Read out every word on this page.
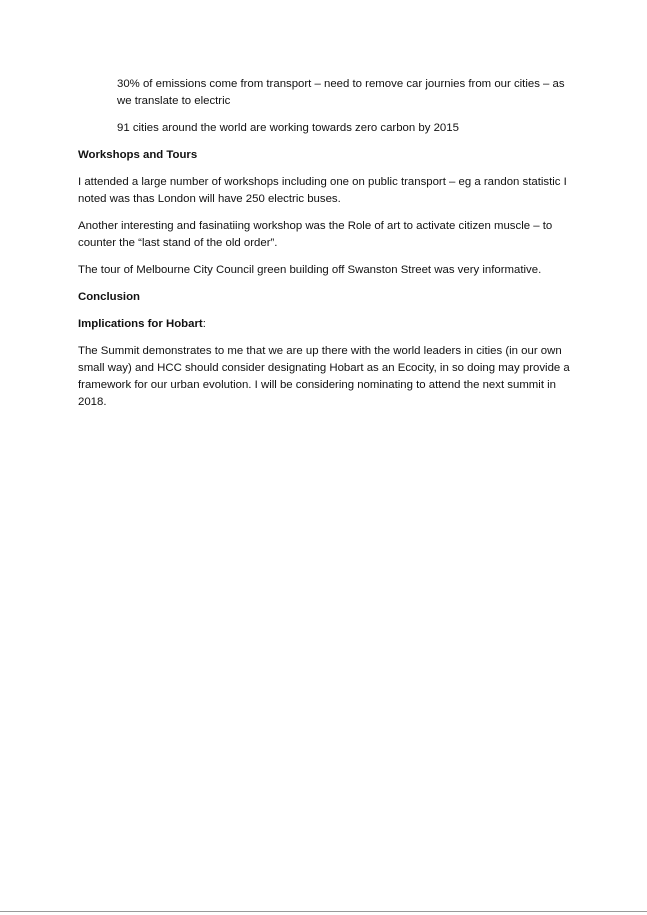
30% of emissions come from transport – need to remove car journies from our cities – as we translate to electric

91 cities around the world are working towards zero carbon by 2015

Workshops and Tours

I attended a large number of workshops including one on public transport – eg a randon statistic I noted was thas London will have 250 electric buses.

Another interesting and fasinatiing workshop was the Role of art to activate citizen muscle – to counter the “last stand of the old order”.

The tour of Melbourne City Council green building off Swanston Street was very informative.

Conclusion

Implications for Hobart:

The Summit demonstrates to me that we are up there with the world leaders in cities (in our own small way) and HCC should consider designating Hobart as an Ecocity, in so doing may provide a framework for our urban evolution. I will be considering nominating to attend the next summit in 2018.
